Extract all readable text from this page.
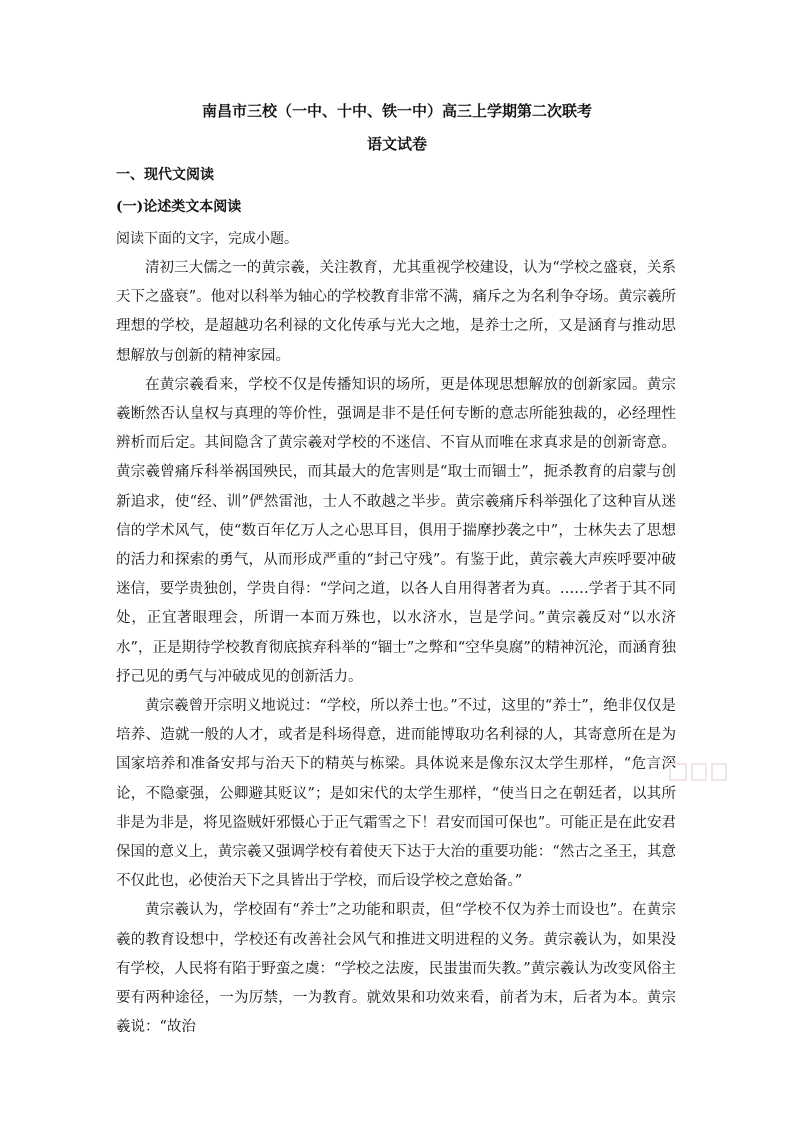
南昌市三校（一中、十中、铁一中）高三上学期第二次联考
语文试卷
一、现代文阅读
(一)论述类文本阅读
阅读下面的文字，完成小题。

清初三大儒之一的黄宗羲，关注教育，尤其重视学校建设，认为“学校之盛衰，关系天下之盛衰”。他对以科举为轴心的学校教育非常不满，痛斥之为名利争夺场。黄宗羲所理想的学校，是超越功名利禄的文化传承与光大之地，是养士之所，又是涵育与推动思想解放与创新的精神家园。

在黄宗羲看来，学校不仅是传播知识的场所，更是体现思想解放的创新家园。黄宗羲断然否认皇权与真理的等价性，强调是非不是任何专断的意志所能独裁的，必经理性辨析而后定。其间隐含了黄宗羲对学校的不迷信、不盲从而唯在求真求是的创新寄意。黄宗羲曾痛斥科举祸国殃民，而其最大的危害则是“取士而锢士”，扼杀教育的启蒙与创新追求，使“经、训”俨然雷池，士人不敢越之半步。黄宗羲痛斥科举强化了这种盲从迷信的学术风气，使“数百年亿万人之心思耳目，俱用于揣摩抄袭之中”，士林失去了思想的活力和探索的勇气，从而形成严重的“封己守残”。有鉴于此，黄宗羲大声疾呼要冲破迷信，要学贵独创，学贵自得：“学问之道，以各人自用得著者为真。……学者于其不同处，正宜著眼理会，所谓一本而万殊也，以水济水，岂是学问。”黄宗羲反对“以水济水”，正是期待学校教育彻底摈弃科举的“锢士”之弊和“空华臭腐”的精神沉沦，而涵育独抒己见的勇气与冲破成见的创新活力。

黄宗羲曾开宗明义地说过：“学校，所以养士也。”不过，这里的“养士”，绝非仅仅是培养、造就一般的人才，或者是科场得意，进而能博取功名利禄的人，其寄意所在是为国家培养和准备安邦与治天下的精英与栋梁。具体说来是像东汉太学生那样，“危言深论，不隐豪强，公卿避其贬议”；是如宋代的太学生那样，“使当日之在朝廷者，以其所非是为非是，将见盗贼奸邪慑心于正气霜雪之下！君安而国可保也”。可能正是在此安君保国的意义上，黄宗羲又强调学校有着使天下达于大治的重要功能：“然古之圣王，其意不仅此也，必使治天下之具皆出于学校，而后设学校之意始备。”

黄宗羲认为，学校固有“养士”之功能和职责，但“学校不仅为养士而设也”。在黄宗羲的教育设想中，学校还有改善社会风气和推进文明进程的义务。黄宗羲认为，如果没有学校，人民将有陷于野蛮之虞：“学校之法废，民蚩蚩而失教。”黄宗羲认为改变风俗主要有两种途径，一为厉禁，一为教育。就效果和功效来看，前者为末，后者为本。黄宗羲说：“故治
